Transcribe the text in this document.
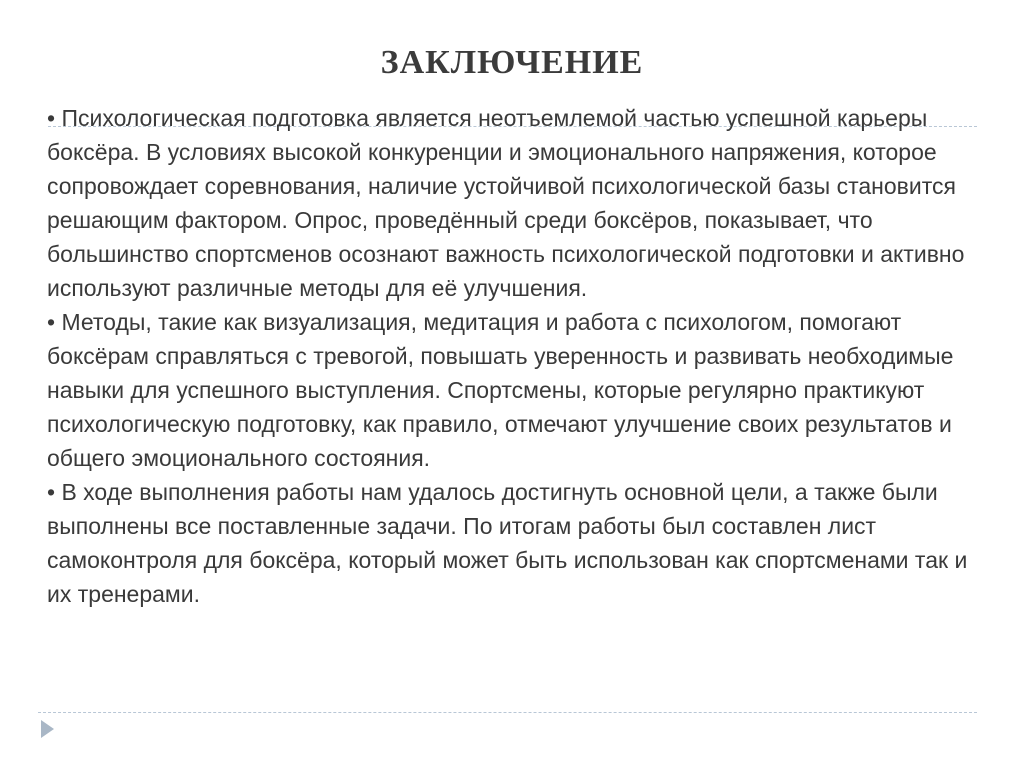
ЗАКЛЮЧЕНИЕ

• Психологическая подготовка является неотъемлемой частью успешной карьеры боксёра. В условиях высокой конкуренции и эмоционального напряжения, которое сопровождает соревнования, наличие устойчивой психологической базы становится решающим фактором. Опрос, проведённый среди боксёров, показывает, что большинство спортсменов осознают важность психологической подготовки и активно используют различные методы для её улучшения.

• Методы, такие как визуализация, медитация и работа с психологом, помогают боксёрам справляться с тревогой, повышать уверенность и развивать необходимые навыки для успешного выступления. Спортсмены, которые регулярно практикуют психологическую подготовку, как правило, отмечают улучшение своих результатов и общего эмоционального состояния.

• В ходе выполнения работы нам удалось достигнуть основной цели, а также были выполнены все поставленные задачи. По итогам работы был составлен лист самоконтроля для боксёра, который может быть использован как спортсменами так и их тренерами.
